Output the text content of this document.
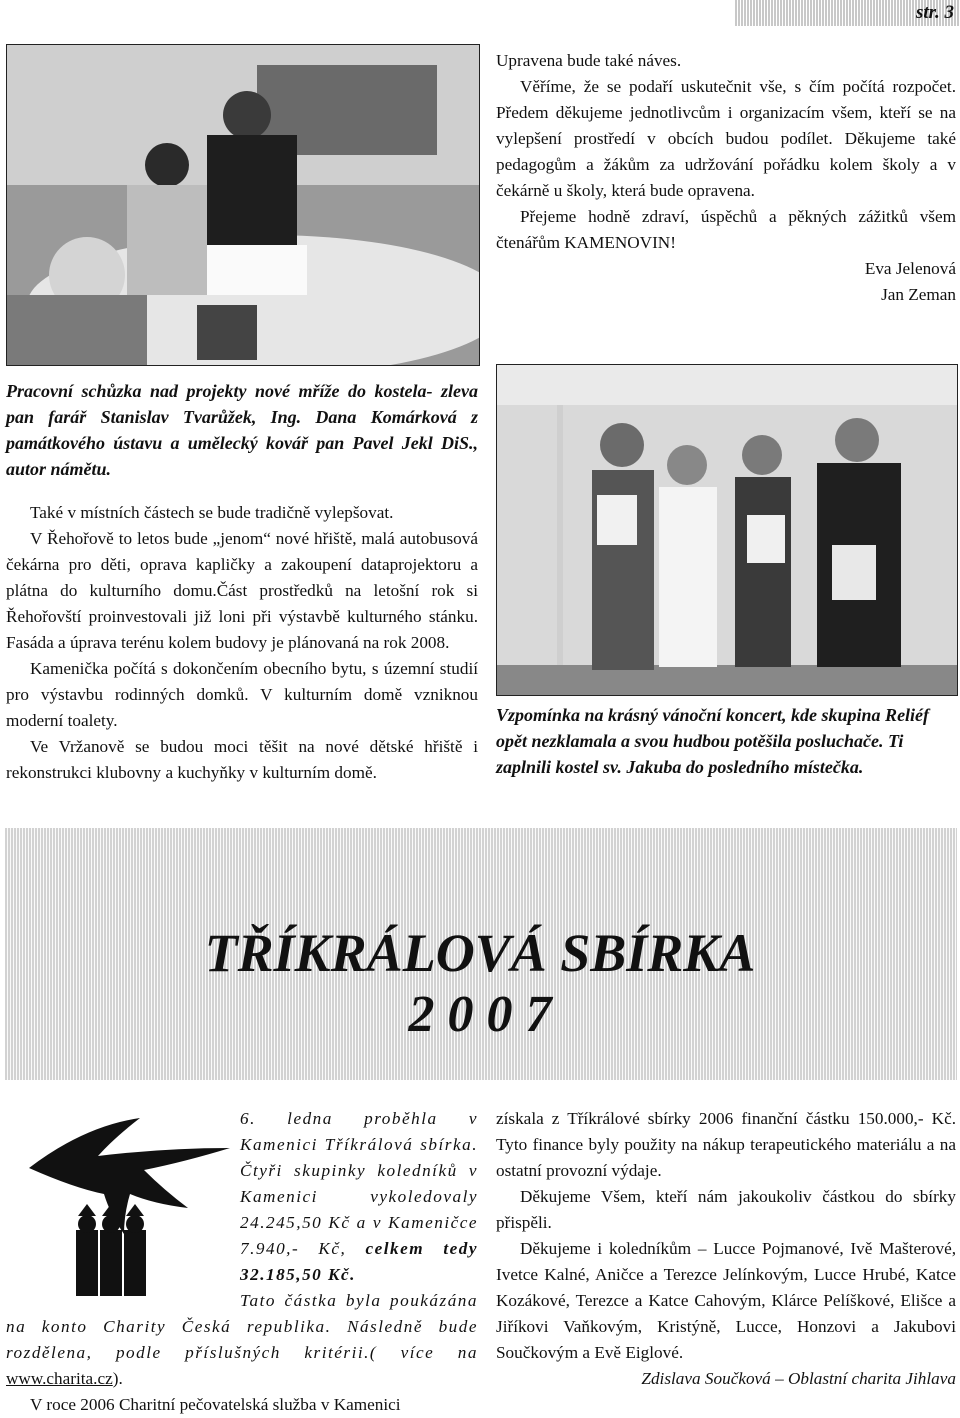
str. 3

Upravena bude také náves.

Věříme, že se podaří uskutečnit vše, s čím počítá rozpočet. Předem děkujeme jednotlivcům i organizacím všem, kteří se na vylepšení prostředí v obcích budou podílet. Děkujeme také pedagogům a žákům za udržování pořádku kolem školy a v čekárně u školy, která bude opravena.

Přejeme hodně zdraví, úspěchů a pěkných zážitků všem čtenářům KAMENOVIN!

Eva Jelenová

Jan Zeman

Pracovní schůzka nad projekty nové mříže do kostela- zleva pan farář Stanislav Tvarůžek, Ing. Dana Komárková z památkového ústavu a umělecký kovář pan Pavel Jekl DiS., autor námětu.

Také v místních částech se bude tradičně vylepšovat.

V Řehořově to letos bude „jenom“ nové hřiště, malá autobusová čekárna pro děti, oprava kapličky a zakoupení dataprojektoru a plátna do kulturního domu.Část prostředků na letošní rok si Řehořovští proinvestovali již loni při výstavbě kulturného stánku. Fasáda a úprava terénu kolem budovy je plánovaná na rok 2008.

Kamenička počítá s dokončením obecního bytu, s územní studií pro výstavbu rodinných domků. V kulturním domě vzniknou moderní toalety.

Ve Vržanově se budou moci těšit na nové dětské hřiště i rekonstrukci klubovny a kuchyňky v kulturním domě.

Vzpomínka na krásný vánoční koncert, kde skupina Reliéf opět nezklamala a svou hudbou potěšila posluchače. Ti zaplnili kostel sv. Jakuba do posledního místečka.
TŘÍKRÁLOVÁ SBÍRKA
2 0 0 7

6. ledna proběhla v Kamenici Tříkrálová sbírka. Čtyři skupinky koledníků v Kamenici vykoledovaly 24.245,50 Kč a v Kameničce 7.940,- Kč, celkem tedy 32.185,50 Kč.

Tato částka byla poukázána na konto Charity Česká republika. Následně bude rozdělena, podle příslušných kritérii.( více na www.charita.cz).

V roce 2006 Charitní pečovatelská služba v Kamenici

získala z Tříkrálové sbírky 2006 finanční částku 150.000,- Kč. Tyto finance byly použity na nákup terapeutického materiálu a na ostatní provozní výdaje.

Děkujeme Všem, kteří nám jakoukoliv částkou do sbírky přispěli.

Děkujeme i koledníkům – Lucce Pojmanové, Ivě Mašterové, Ivetce Kalné, Aničce a Terezce Jelínkovým, Lucce Hrubé, Katce Kozákové, Terezce a Katce Cahovým, Klárce Pelíškové, Elišce a Jiříkovi Vaňkovým, Kristýně, Lucce, Honzovi a Jakubovi Součkovým a Evě Eiglové.

Zdislava Součková – Oblastní charita Jihlava
